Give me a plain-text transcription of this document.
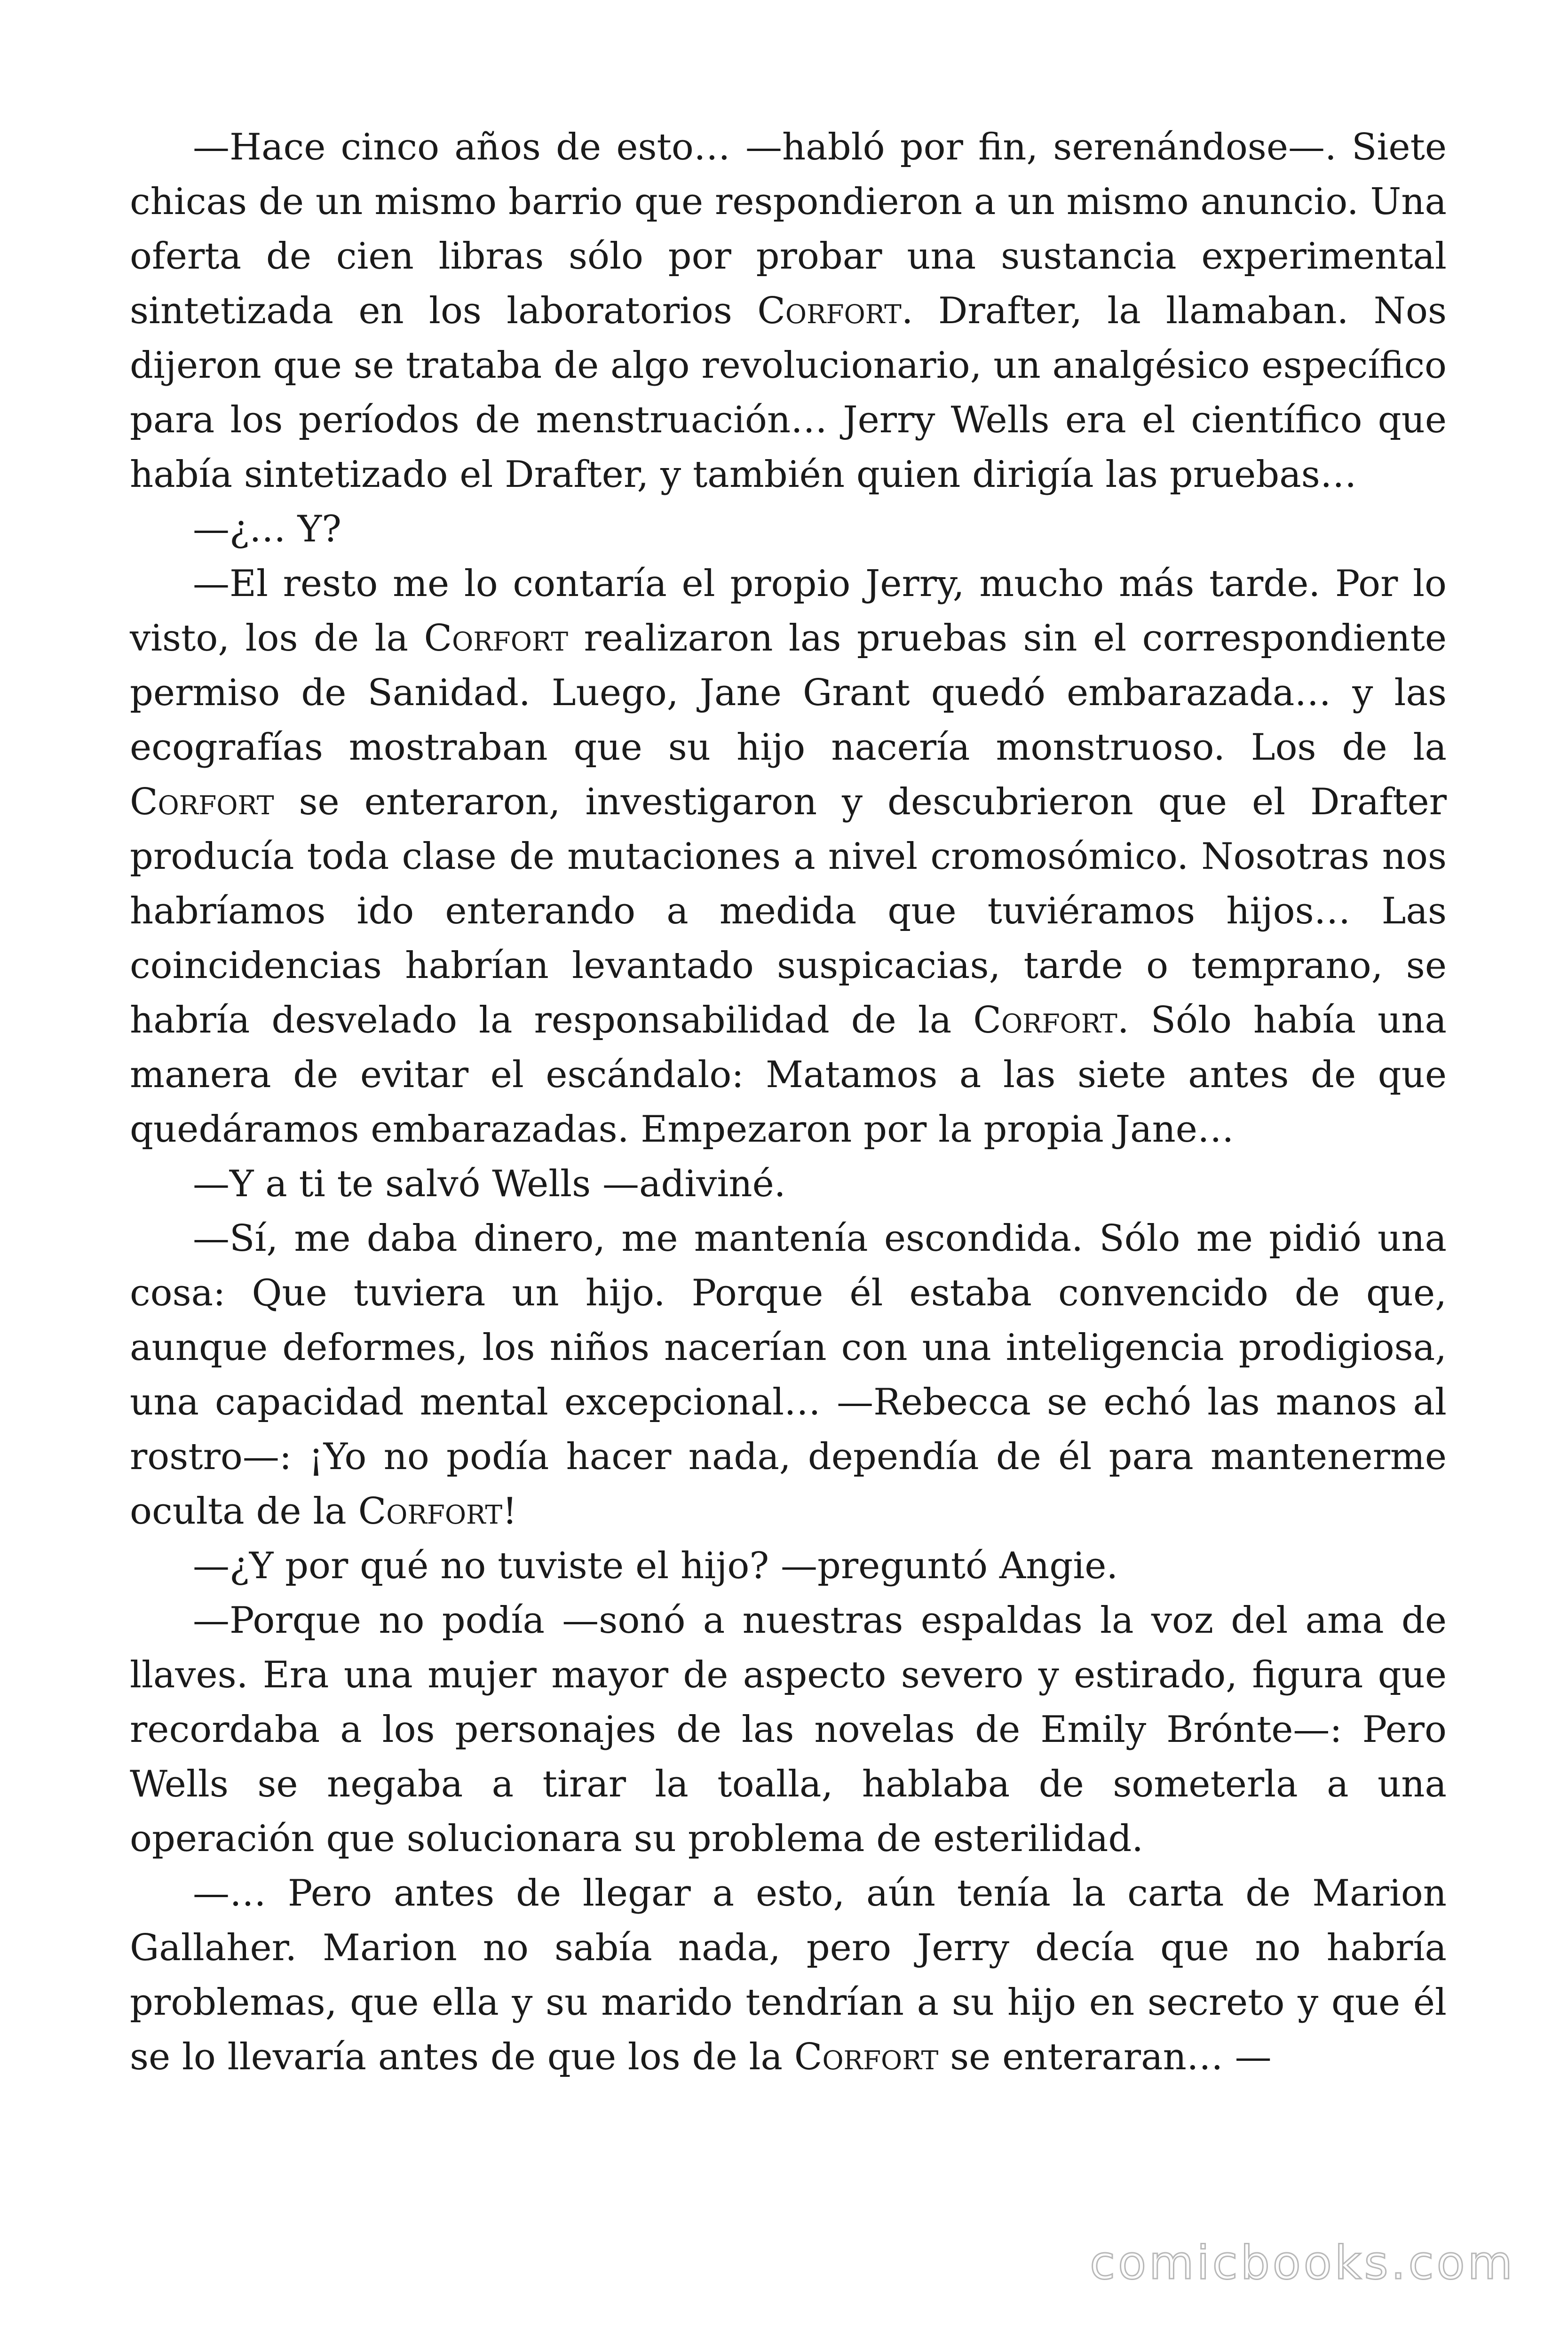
—Hace cinco años de esto… —habló por fin, serenándose—. Siete chicas de un mismo barrio que respondieron a un mismo anuncio. Una oferta de cien libras sólo por probar una sustancia experimental sintetizada en los laboratorios Corfort. Drafter, la llamaban. Nos dijeron que se trataba de algo revolucionario, un analgésico específico para los períodos de menstruación… Jerry Wells era el científico que había sintetizado el Drafter, y también quien dirigía las pruebas…

—¿… Y?

—El resto me lo contaría el propio Jerry, mucho más tarde. Por lo visto, los de la Corfort realizaron las pruebas sin el correspondiente permiso de Sanidad. Luego, Jane Grant quedó embarazada… y las ecografías mostraban que su hijo nacería monstruoso. Los de la Corfort se enteraron, investigaron y descubrieron que el Drafter producía toda clase de mutaciones a nivel cromosómico. Nosotras nos habríamos ido enterando a medida que tuviéramos hijos… Las coincidencias habrían levantado suspicacias, tarde o temprano, se habría desvelado la responsabilidad de la Corfort. Sólo había una manera de evitar el escándalo: Matamos a las siete antes de que quedáramos embarazadas. Empezaron por la propia Jane…

—Y a ti te salvó Wells —adiviné.

—Sí, me daba dinero, me mantenía escondida. Sólo me pidió una cosa: Que tuviera un hijo. Porque él estaba convencido de que, aunque deformes, los niños nacerían con una inteligencia prodigiosa, una capacidad mental excepcional… —Rebecca se echó las manos al rostro—: ¡Yo no podía hacer nada, dependía de él para mantenerme oculta de la Corfort!

—¿Y por qué no tuviste el hijo? —preguntó Angie.

—Porque no podía —sonó a nuestras espaldas la voz del ama de llaves. Era una mujer mayor de aspecto severo y estirado, figura que recordaba a los personajes de las novelas de Emily Brónte—: Pero Wells se negaba a tirar la toalla, hablaba de someterla a una operación que solucionara su problema de esterilidad.

—… Pero antes de llegar a esto, aún tenía la carta de Marion Gallaher. Marion no sabía nada, pero Jerry decía que no habría problemas, que ella y su marido tendrían a su hijo en secreto y que él se lo llevaría antes de que los de la Corfort se enteraran… —

comicbooks.com
